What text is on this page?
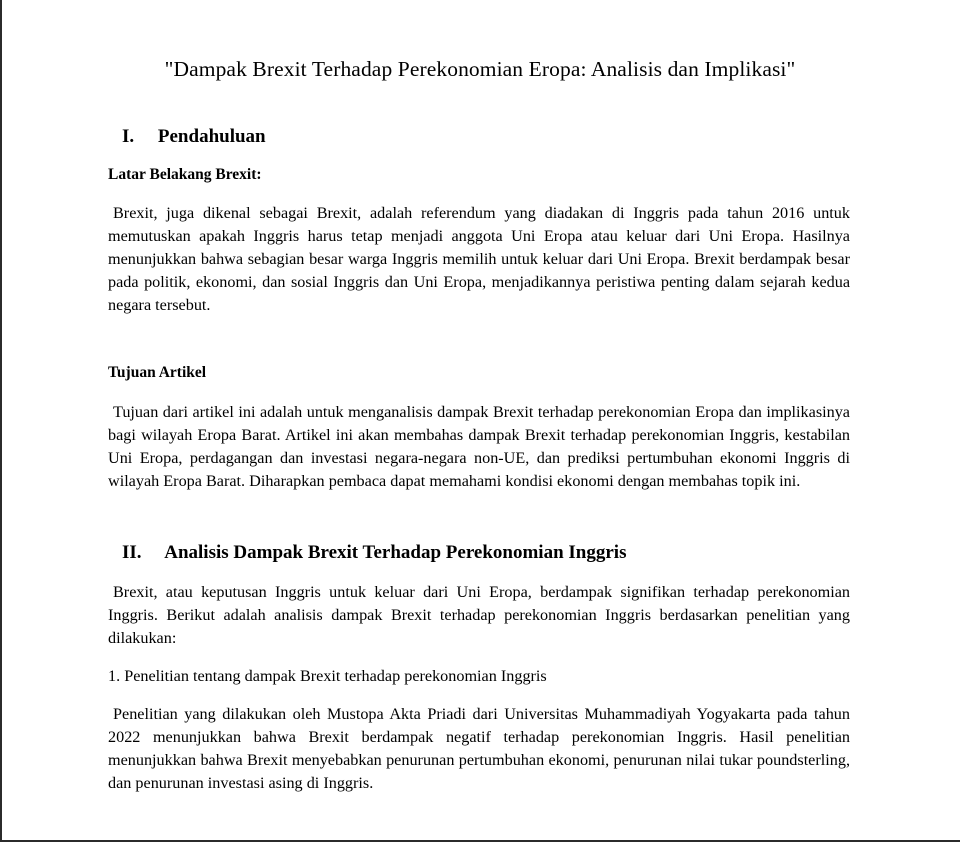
"Dampak Brexit Terhadap Perekonomian Eropa: Analisis dan Implikasi"
I.  Pendahuluan
Latar Belakang Brexit:

Brexit, juga dikenal sebagai Brexit, adalah referendum yang diadakan di Inggris pada tahun 2016 untuk memutuskan apakah Inggris harus tetap menjadi anggota Uni Eropa atau keluar dari Uni Eropa. Hasilnya menunjukkan bahwa sebagian besar warga Inggris memilih untuk keluar dari Uni Eropa. Brexit berdampak besar pada politik, ekonomi, dan sosial Inggris dan Uni Eropa, menjadikannya peristiwa penting dalam sejarah kedua negara tersebut.

Tujuan Artikel

Tujuan dari artikel ini adalah untuk menganalisis dampak Brexit terhadap perekonomian Eropa dan implikasinya bagi wilayah Eropa Barat. Artikel ini akan membahas dampak Brexit terhadap perekonomian Inggris, kestabilan Uni Eropa, perdagangan dan investasi negara-negara non-UE, dan prediksi pertumbuhan ekonomi Inggris di wilayah Eropa Barat. Diharapkan pembaca dapat memahami kondisi ekonomi dengan membahas topik ini.

II.  Analisis Dampak Brexit Terhadap Perekonomian Inggris

Brexit, atau keputusan Inggris untuk keluar dari Uni Eropa, berdampak signifikan terhadap perekonomian Inggris. Berikut adalah analisis dampak Brexit terhadap perekonomian Inggris berdasarkan penelitian yang dilakukan:

1. Penelitian tentang dampak Brexit terhadap perekonomian Inggris

Penelitian yang dilakukan oleh Mustopa Akta Priadi dari Universitas Muhammadiyah Yogyakarta pada tahun 2022 menunjukkan bahwa Brexit berdampak negatif terhadap perekonomian Inggris. Hasil penelitian menunjukkan bahwa Brexit menyebabkan penurunan pertumbuhan ekonomi, penurunan nilai tukar poundsterling, dan penurunan investasi asing di Inggris.
